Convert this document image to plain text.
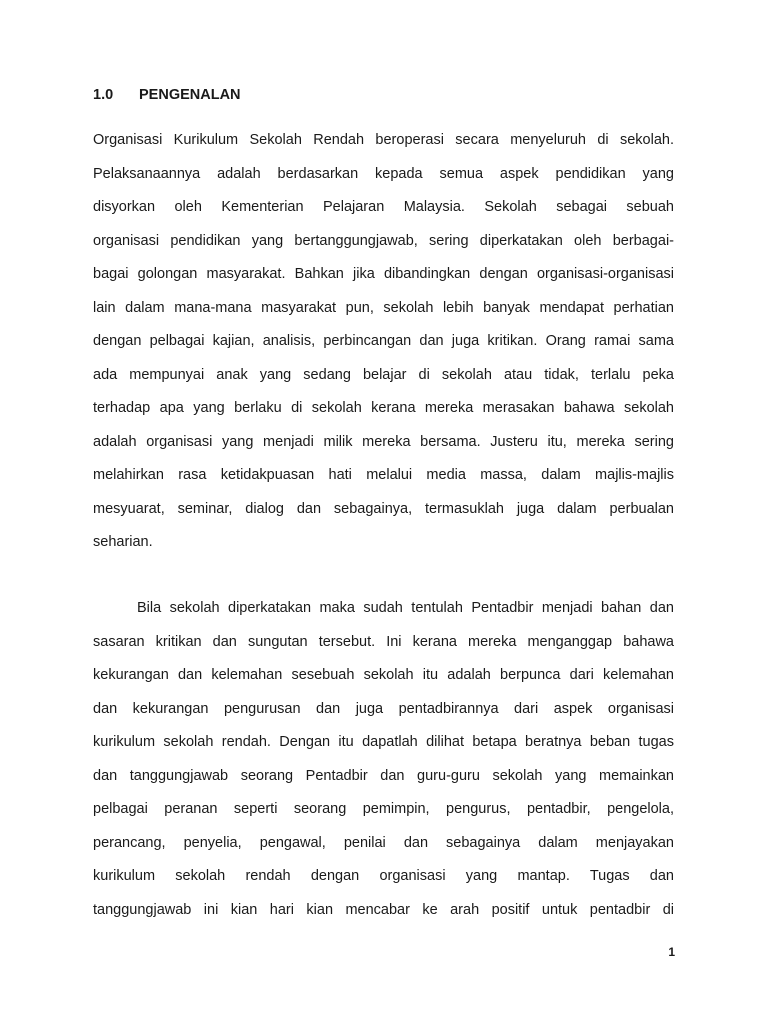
1.0 PENGENALAN
Organisasi Kurikulum Sekolah Rendah beroperasi secara menyeluruh di sekolah.
Pelaksanaannya adalah berdasarkan kepada semua aspek pendidikan yang
disyorkan oleh Kementerian Pelajaran Malaysia. Sekolah sebagai sebuah
organisasi pendidikan yang bertanggungjawab, sering diperkatakan oleh berbagai-
bagai golongan masyarakat. Bahkan jika dibandingkan dengan organisasi-organisasi
lain dalam mana-mana masyarakat pun, sekolah lebih banyak mendapat perhatian
dengan pelbagai kajian, analisis, perbincangan dan juga kritikan. Orang ramai sama
ada mempunyai anak yang sedang belajar di sekolah atau tidak, terlalu peka
terhadap apa yang berlaku di sekolah kerana mereka merasakan bahawa sekolah
adalah organisasi yang menjadi milik mereka bersama. Justeru itu, mereka sering
melahirkan rasa ketidakpuasan hati melalui media massa, dalam majlis-majlis
mesyuarat, seminar, dialog dan sebagainya, termasuklah juga dalam perbualan
seharian.
Bila sekolah diperkatakan maka sudah tentulah Pentadbir menjadi bahan dan
sasaran kritikan dan sungutan tersebut. Ini kerana mereka menganggap bahawa
kekurangan dan kelemahan sesebuah sekolah itu adalah berpunca dari kelemahan
dan kekurangan pengurusan dan juga pentadbirannya dari aspek organisasi
kurikulum sekolah rendah. Dengan itu dapatlah dilihat betapa beratnya beban tugas
dan tanggungjawab seorang Pentadbir dan guru-guru sekolah yang memainkan
pelbagai peranan seperti seorang pemimpin, pengurus, pentadbir, pengelola,
perancang, penyelia, pengawal, penilai dan sebagainya dalam menjayakan
kurikulum sekolah rendah dengan organisasi yang mantap. Tugas dan
tanggungjawab ini kian hari kian mencabar ke arah positif untuk pentadbir di
1
